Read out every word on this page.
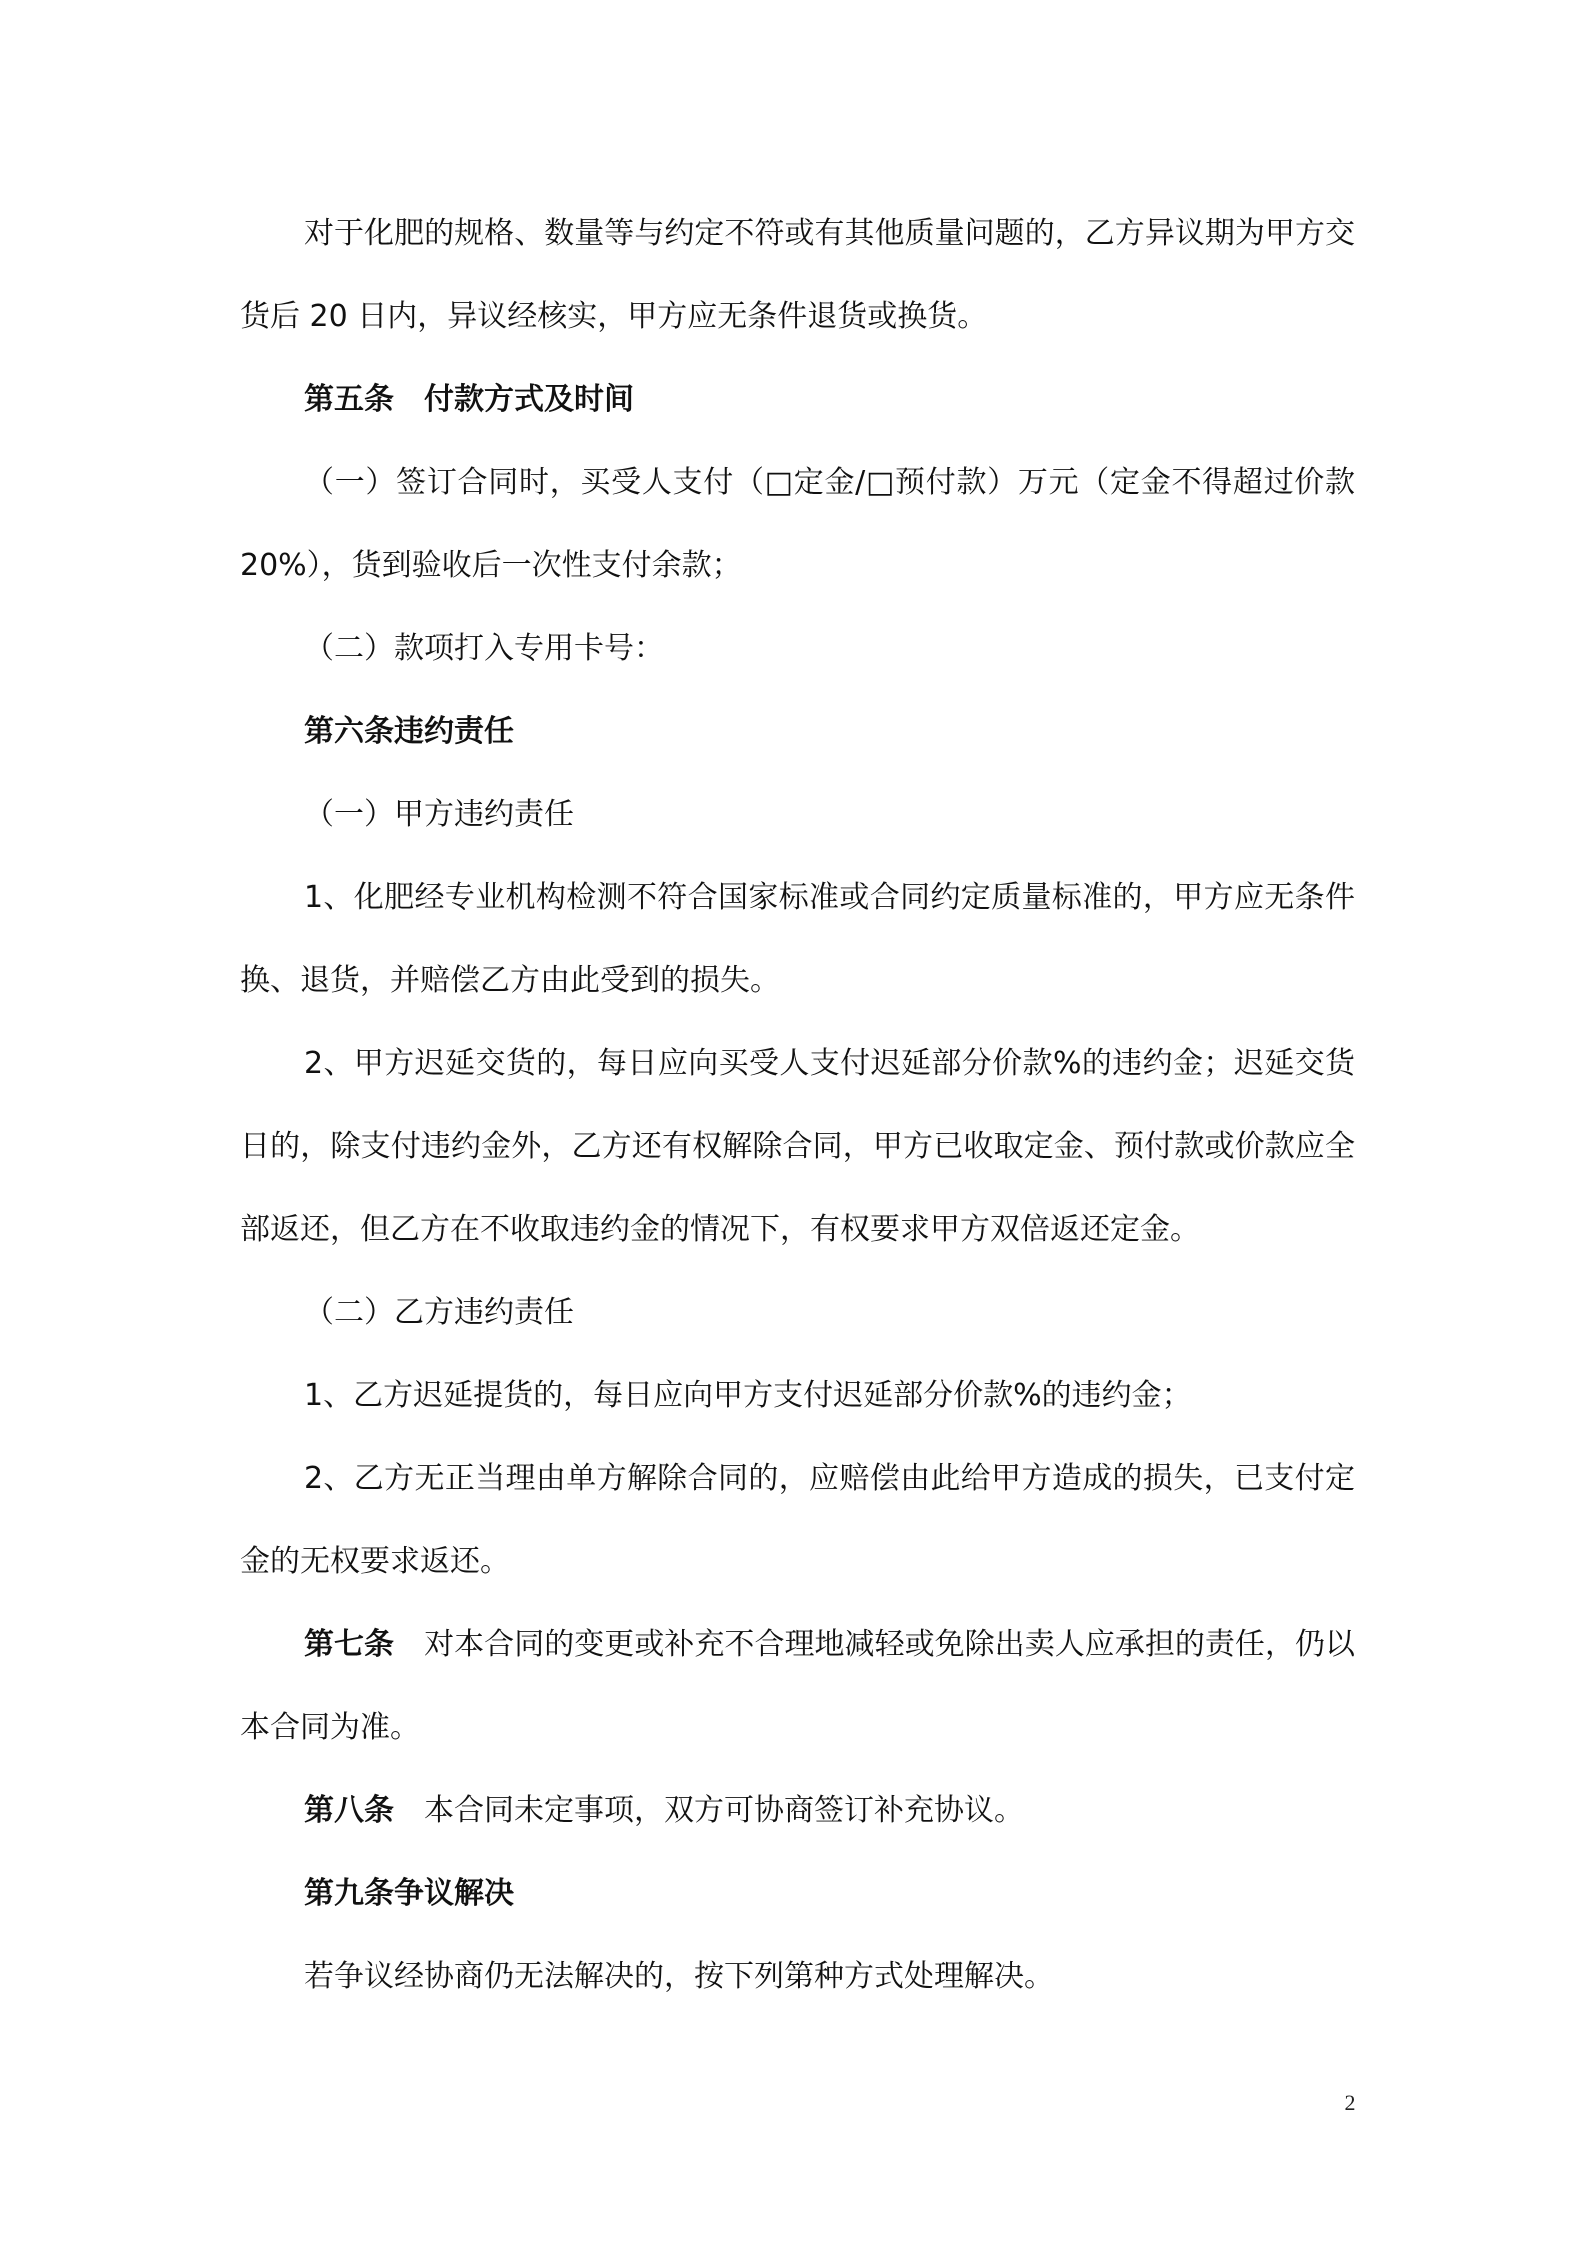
对于化肥的规格、数量等与约定不符或有其他质量问题的，乙方异议期为甲方交货后 20 日内，异议经核实，甲方应无条件退货或换货。

第五条 付款方式及时间

（一）签订合同时，买受人支付（□定金/□预付款）万元（定金不得超过价款 20%），货到验收后一次性支付余款；

（二）款项打入专用卡号：

第六条违约责任

（一）甲方违约责任

1、化肥经专业机构检测不符合国家标准或合同约定质量标准的，甲方应无条件换、退货，并赔偿乙方由此受到的损失。

2、甲方迟延交货的，每日应向买受人支付迟延部分价款%的违约金；迟延交货日的，除支付违约金外，乙方还有权解除合同，甲方已收取定金、预付款或价款应全部返还，但乙方在不收取违约金的情况下，有权要求甲方双倍返还定金。

（二）乙方违约责任

1、乙方迟延提货的，每日应向甲方支付迟延部分价款%的违约金；

2、乙方无正当理由单方解除合同的，应赔偿由此给甲方造成的损失，已支付定金的无权要求返还。

第七条 对本合同的变更或补充不合理地减轻或免除出卖人应承担的责任，仍以本合同为准。

第八条 本合同未定事项，双方可协商签订补充协议。

第九条争议解决

若争议经协商仍无法解决的，按下列第种方式处理解决。

2
